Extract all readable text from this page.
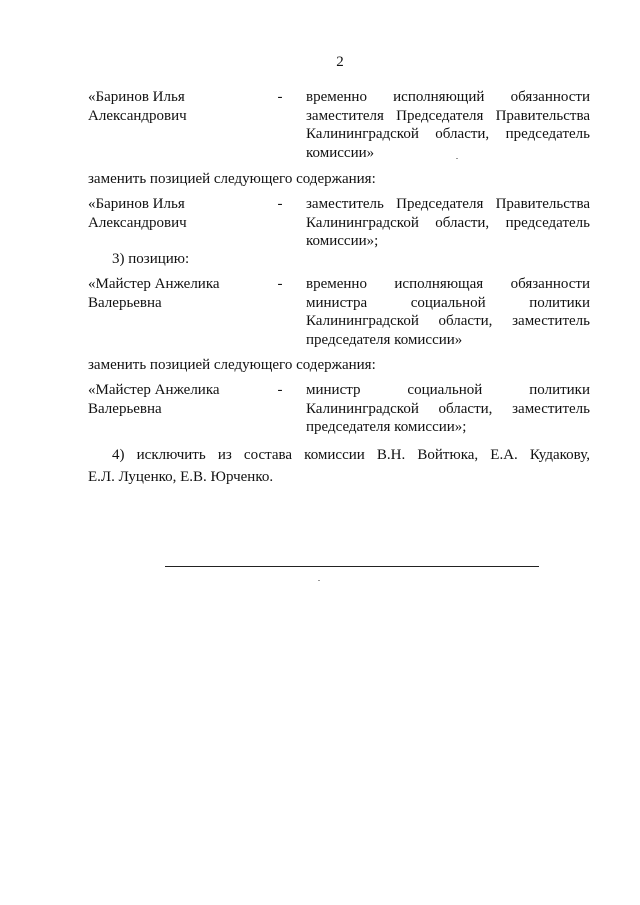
2
«Баринов Илья
Александрович
- временно исполняющий обязанности
заместителя Председателя Правительства
Калининградской области, председатель
комиссии»
заменить позицией следующего содержания:
«Баринов Илья
Александрович
- заместитель Председателя Правительства
Калининградской области, председатель
комиссии»;
3) позицию:
«Майстер Анжелика
Валерьевна
- временно исполняющая обязанности
министра социальной политики
Калининградской области, заместитель
председателя комиссии»
заменить позицией следующего содержания:
«Майстер Анжелика
Валерьевна
- министр социальной политики
Калининградской области, заместитель
председателя комиссии»;
4) исключить из состава комиссии В.Н. Войтюка, Е.А. Кудакову,
Е.Л. Луценко, Е.В. Юрченко.
